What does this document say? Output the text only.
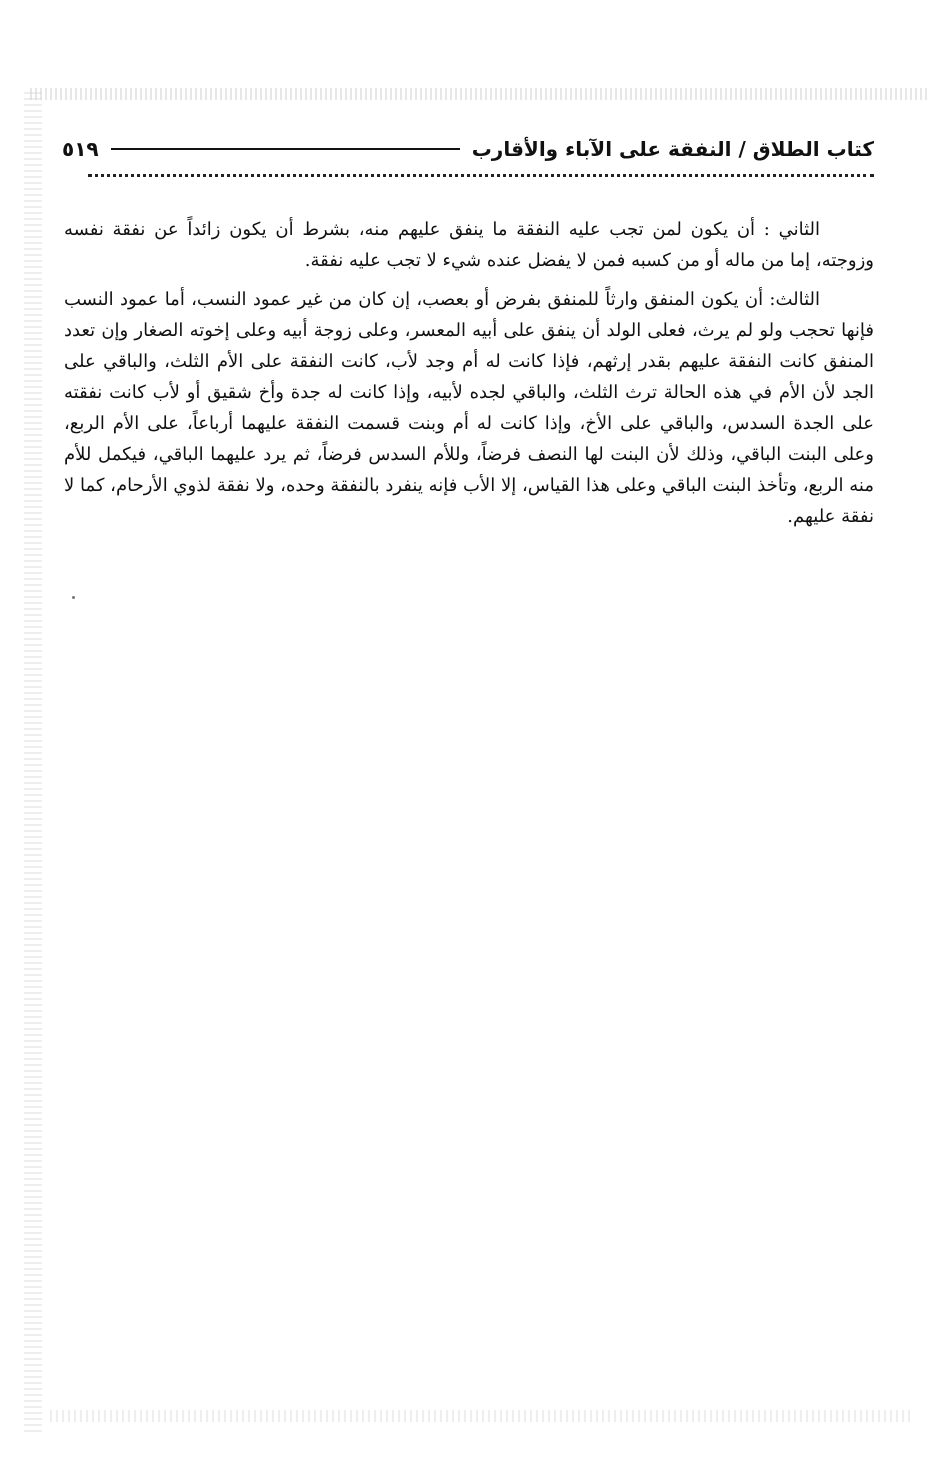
كتاب الطلاق / النفقة على الآباء والأقارب
٥١٩

الثاني : أن يكون لمن تجب عليه النفقة ما ينفق عليهم منه، بشرط أن يكون زائداً عن نفقة نفسه وزوجته، إما من ماله أو من كسبه فمن لا يفضل عنده شيء لا تجب عليه نفقة.

الثالث: أن يكون المنفق وارثاً للمنفق بفرض أو بعصب، إن كان من غير عمود النسب، أما عمود النسب فإنها تحجب ولو لم يرث، فعلى الولد أن ينفق على أبيه المعسر، وعلى زوجة أبيه وعلى إخوته الصغار وإن تعدد المنفق كانت النفقة عليهم بقدر إرثهم، فإذا كانت له أم وجد لأب، كانت النفقة على الأم الثلث، والباقي على الجد لأن الأم في هذه الحالة ترث الثلث، والباقي لجده لأبيه، وإذا كانت له جدة وأخ شقيق أو لأب كانت نفقته على الجدة السدس، والباقي على الأخ، وإذا كانت له أم وبنت قسمت النفقة عليهما أرباعاً، على الأم الربع، وعلى البنت الباقي، وذلك لأن البنت لها النصف فرضاً، وللأم السدس فرضاً، ثم يرد عليهما الباقي، فيكمل للأم منه الربع، وتأخذ البنت الباقي وعلى هذا القياس، إلا الأب فإنه ينفرد بالنفقة وحده، ولا نفقة لذوي الأرحام، كما لا نفقة عليهم.
